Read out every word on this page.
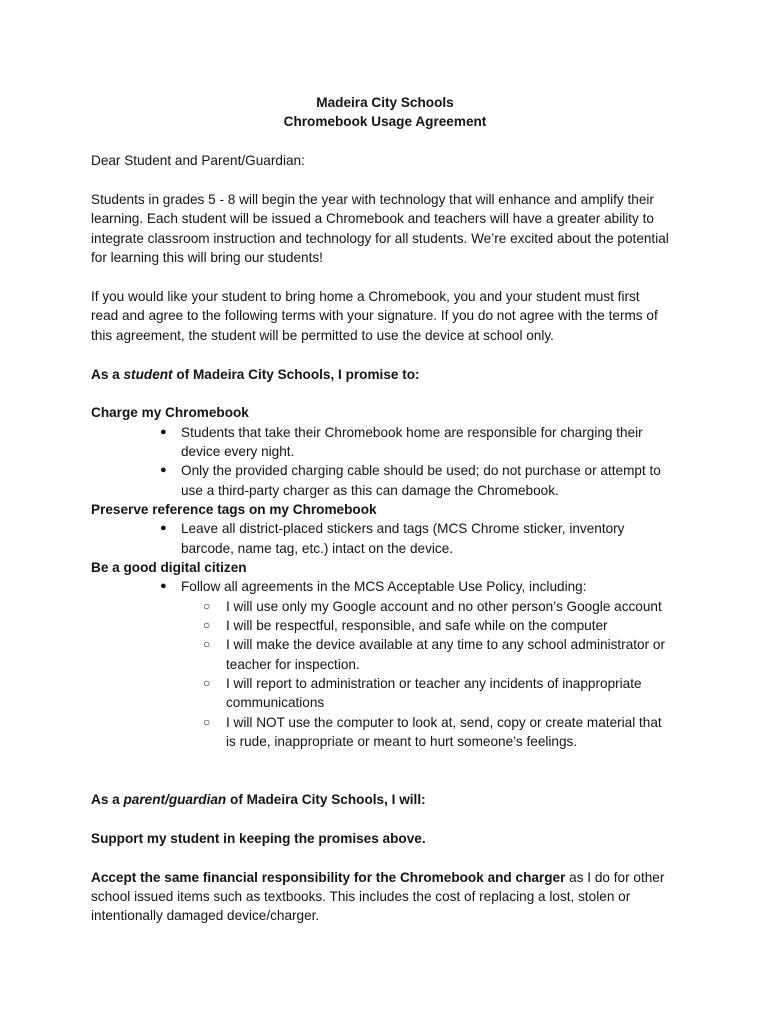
Madeira City Schools
Chromebook Usage Agreement
Dear Student and Parent/Guardian:
Students in grades 5 - 8 will begin the year with technology that will enhance and amplify their
learning. Each student will be issued a Chromebook and teachers will have a greater ability to
integrate classroom instruction and technology for all students. We’re excited about the potential
for learning this will bring our students!
If you would like your student to bring home a Chromebook, you and your student must first
read and agree to the following terms with your signature. If you do not agree with the terms of
this agreement, the student will be permitted to use the device at school only.
As a student of Madeira City Schools, I promise to:
Charge my Chromebook
● Students that take their Chromebook home are responsible for charging their
device every night.
● Only the provided charging cable should be used; do not purchase or attempt to
use a third-party charger as this can damage the Chromebook.
Preserve reference tags on my Chromebook
● Leave all district-placed stickers and tags (MCS Chrome sticker, inventory
barcode, name tag, etc.) intact on the device.
Be a good digital citizen
● Follow all agreements in the MCS Acceptable Use Policy, including:
○ I will use only my Google account and no other person’s Google account
○ I will be respectful, responsible, and safe while on the computer
○ I will make the device available at any time to any school administrator or
teacher for inspection.
○ I will report to administration or teacher any incidents of inappropriate
communications
○ I will NOT use the computer to look at, send, copy or create material that
is rude, inappropriate or meant to hurt someone’s feelings.
As a parent/guardian of Madeira City Schools, I will:
Support my student in keeping the promises above.
Accept the same financial responsibility for the Chromebook and charger as I do for other
school issued items such as textbooks. This includes the cost of replacing a lost, stolen or
intentionally damaged device/charger.
